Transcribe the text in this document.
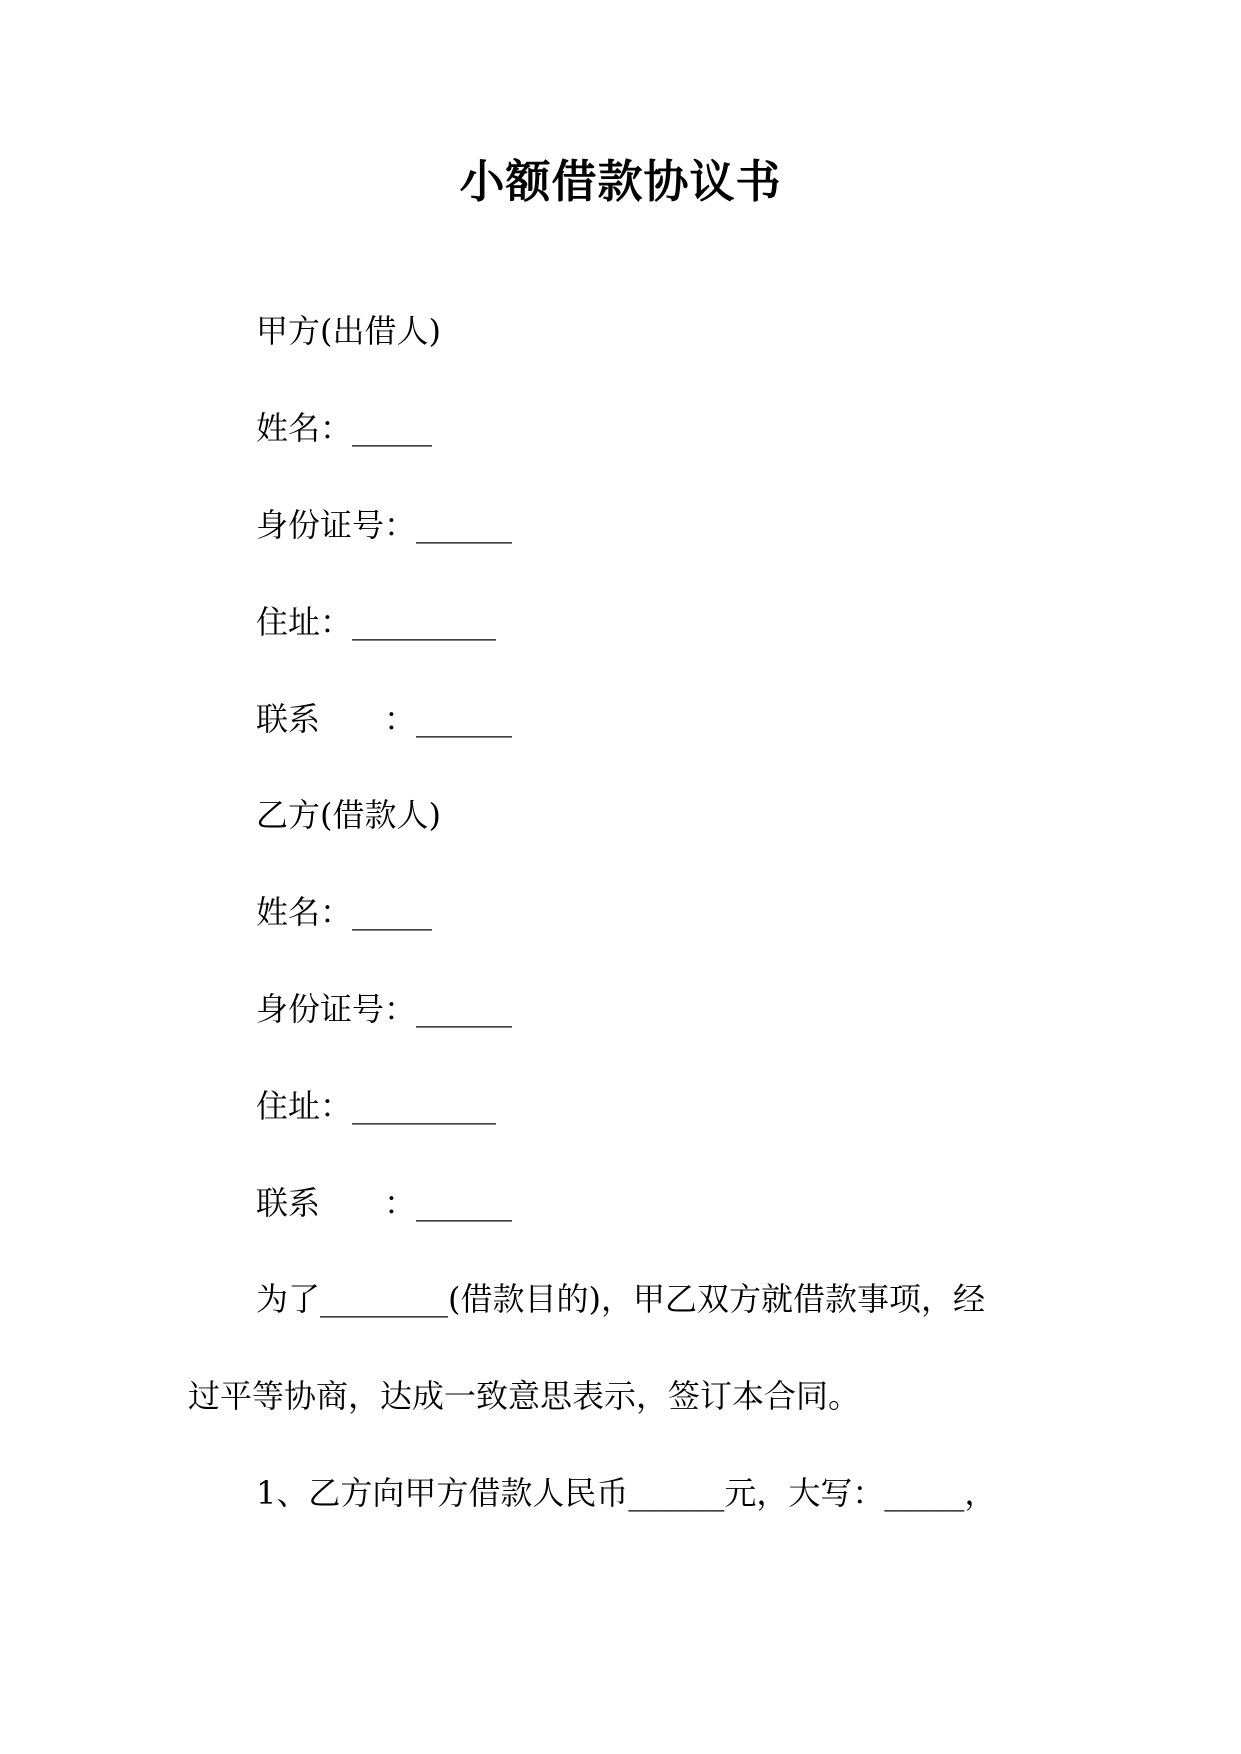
小额借款协议书
甲方(出借人)
姓名：_____
身份证号：______
住址：_________
联系　　：______
乙方(借款人)
姓名：_____
身份证号：______
住址：_________
联系　　：______
为了________(借款目的)，甲乙双方就借款事项，经
过平等协商，达成一致意思表示，签订本合同。
1、乙方向甲方借款人民币______元，大写：_____，
